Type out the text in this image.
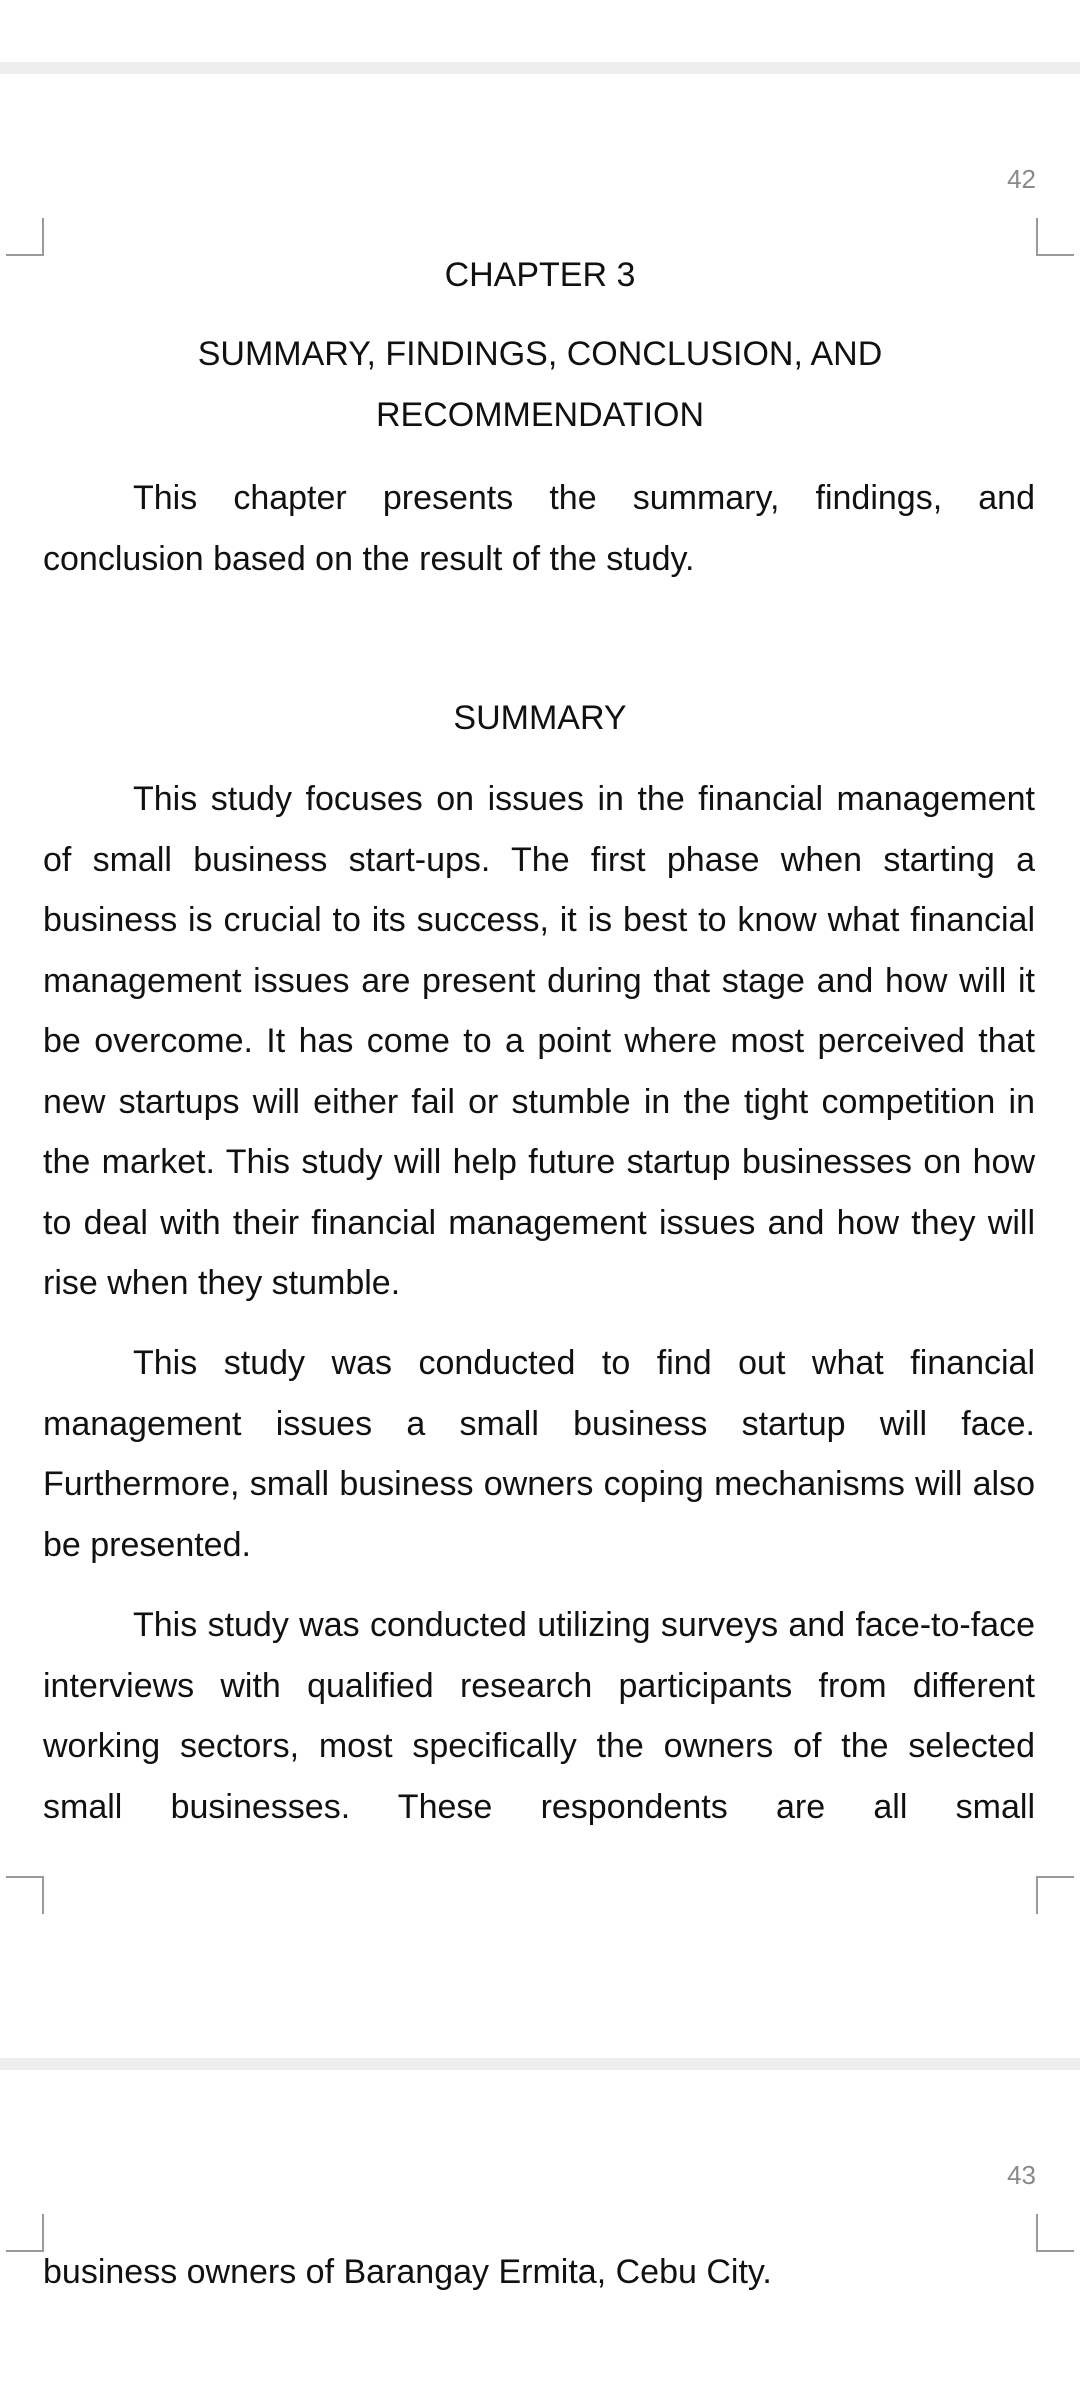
42
CHAPTER 3
SUMMARY, FINDINGS, CONCLUSION, AND RECOMMENDATION

This chapter presents the summary, findings, and conclusion based on the result of the study.

SUMMARY

This study focuses on issues in the financial management of small business start-ups. The first phase when starting a business is crucial to its success, it is best to know what financial management issues are present during that stage and how will it be overcome. It has come to a point where most perceived that new startups will either fail or stumble in the tight competition in the market. This study will help future startup businesses on how to deal with their financial management issues and how they will rise when they stumble.

This study was conducted to find out what financial management issues a small business startup will face. Furthermore, small business owners coping mechanisms will also be presented.

This study was conducted utilizing surveys and face-to-face interviews with qualified research participants from different working sectors, most specifically the owners of the selected small businesses. These respondents are all small

43

business owners of Barangay Ermita, Cebu City.
